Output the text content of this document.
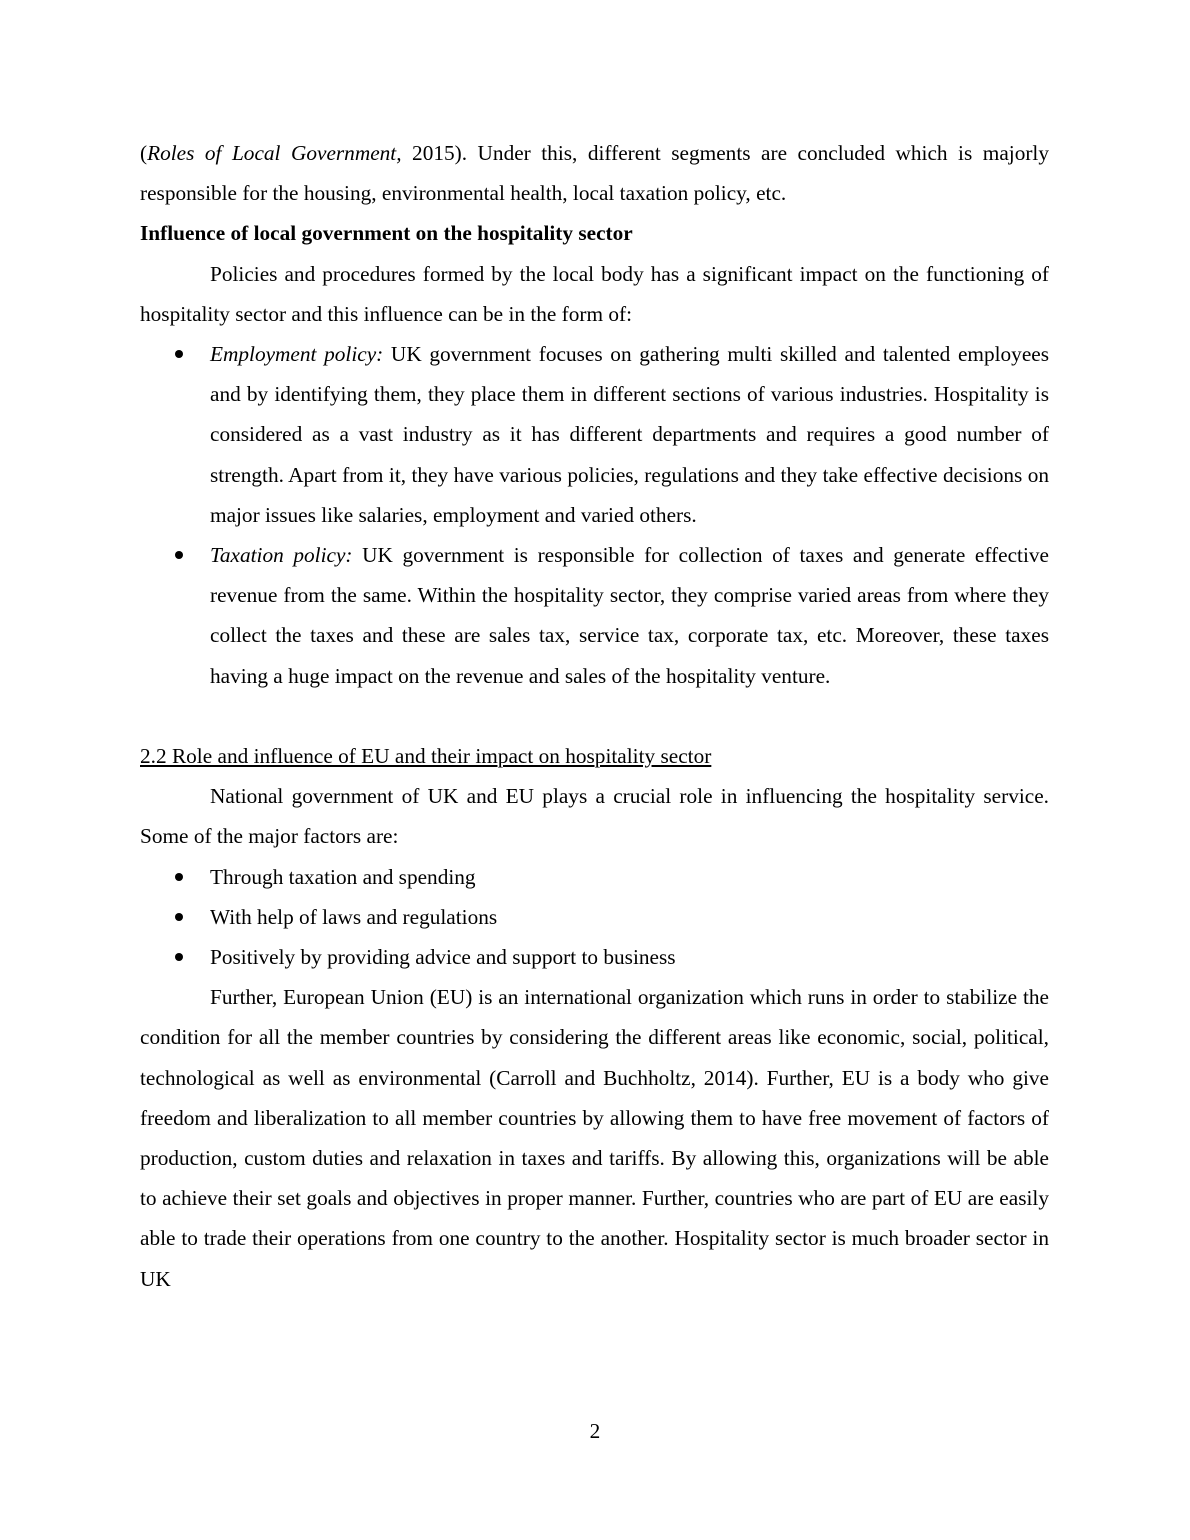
(Roles of Local Government, 2015). Under this, different segments are concluded which is majorly responsible for the housing, environmental health, local taxation policy, etc.

Influence of local government on the hospitality sector

Policies and procedures formed by the local body has a significant impact on the functioning of hospitality sector and this influence can be in the form of:

Employment policy: UK government focuses on gathering multi skilled and talented employees and by identifying them, they place them in different sections of various industries. Hospitality is considered as a vast industry as it has different departments and requires a good number of strength. Apart from it, they have various policies, regulations and they take effective decisions on major issues like salaries, employment and varied others.
Taxation policy: UK government is responsible for collection of taxes and generate effective revenue from the same. Within the hospitality sector, they comprise varied areas from where they collect the taxes and these are sales tax, service tax, corporate tax, etc. Moreover, these taxes having a huge impact on the revenue and sales of the hospitality venture.
2.2 Role and influence of EU and their impact on hospitality sector

National government of UK and EU plays a crucial role in influencing the hospitality service. Some of the major factors are:

Through taxation and spending
With help of laws and regulations
Positively by providing advice and support to business

Further, European Union (EU) is an international organization which runs in order to stabilize the condition for all the member countries by considering the different areas like economic, social, political, technological as well as environmental (Carroll and Buchholtz, 2014). Further, EU is a body who give freedom and liberalization to all member countries by allowing them to have free movement of factors of production, custom duties and relaxation in taxes and tariffs. By allowing this, organizations will be able to achieve their set goals and objectives in proper manner. Further, countries who are part of EU are easily able to trade their operations from one country to the another. Hospitality sector is much broader sector in UK

2
